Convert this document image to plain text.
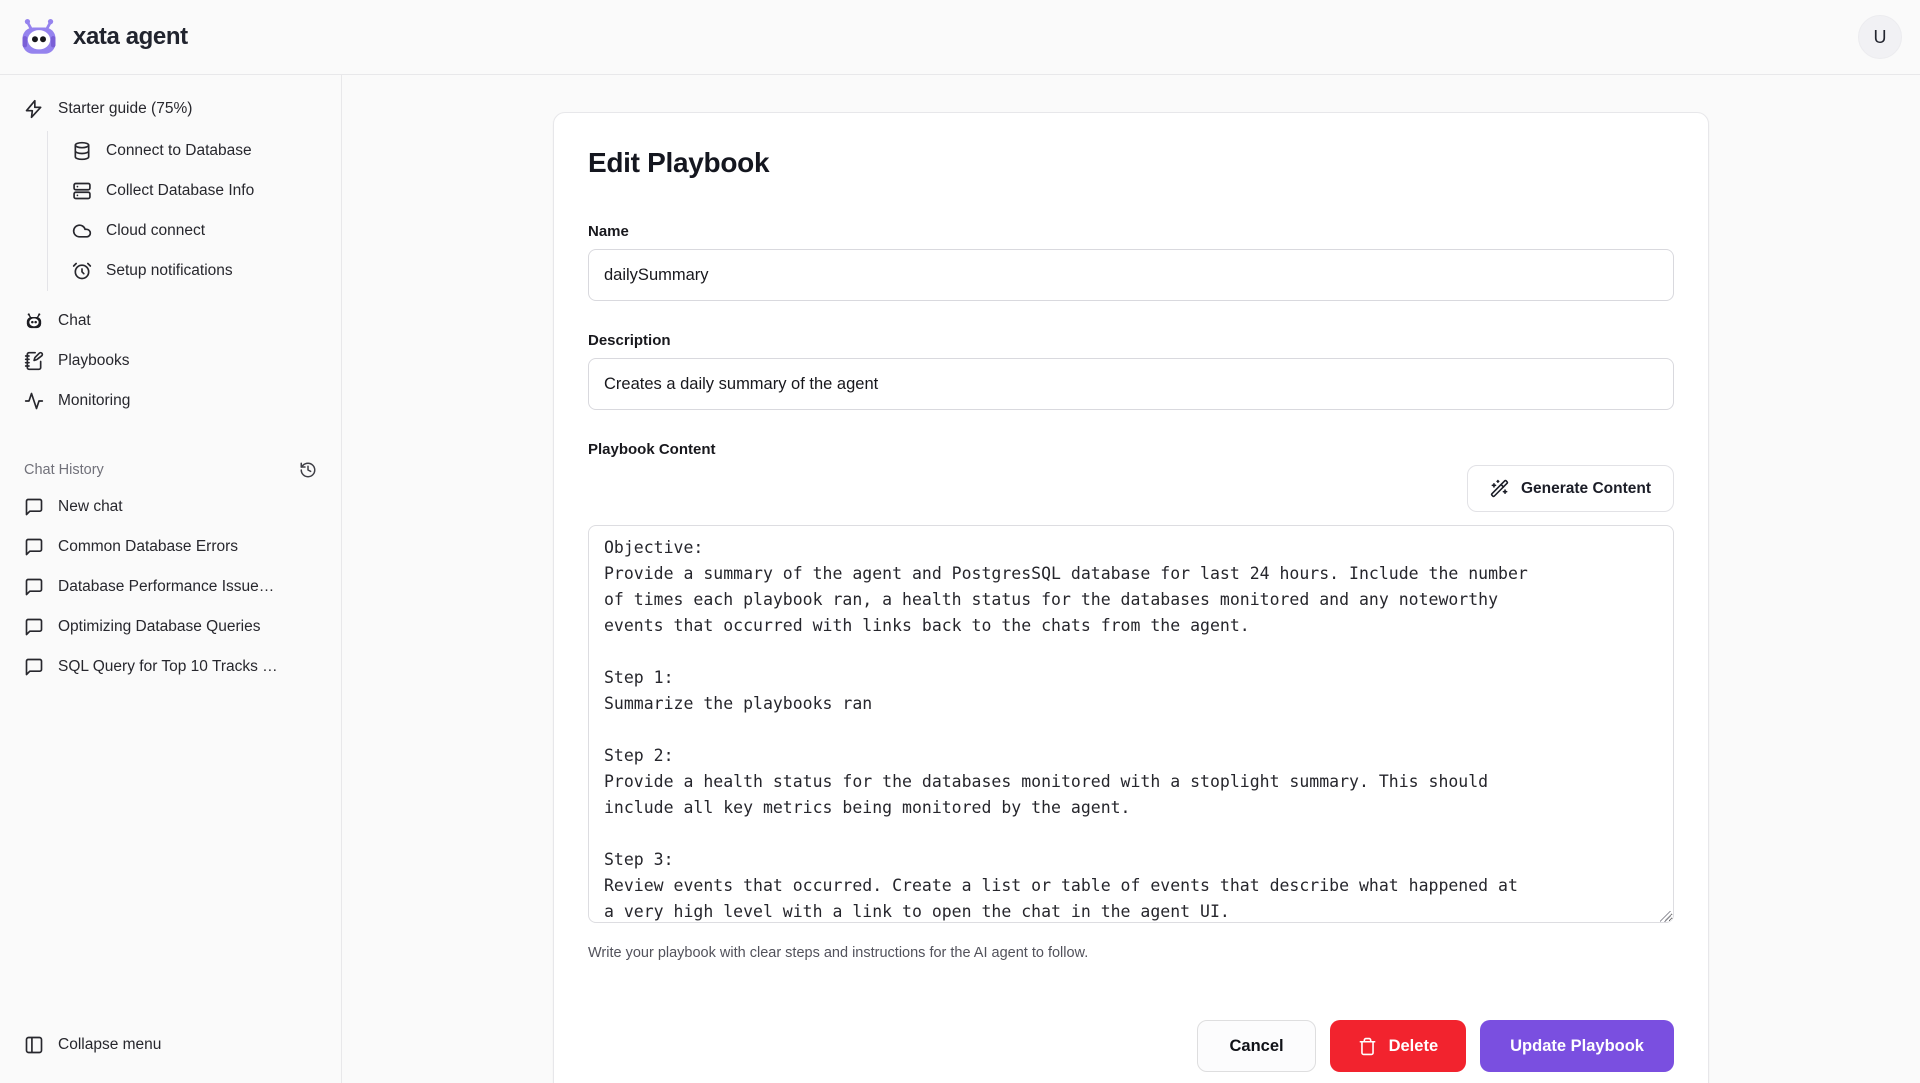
xata agent	U
Starter guide (75%)
Connect to Database
Collect Database Info
Cloud connect
Setup notifications
Chat
Playbooks
Monitoring
Chat History
New chat
Common Database Errors
Database Performance Issue…
Optimizing Database Queries
SQL Query for Top 10 Tracks …
Collapse menu
Edit Playbook
Name
dailySummary
Description
Creates a daily summary of the agent
Playbook Content
Generate Content
Objective: Provide a summary of the agent and PostgresSQL database for last 24 hours. Include the number of times each playbook ran, a health status for the databases monitored and any noteworthy events that occurred with links back to the chats from the agent. Step 1: Summarize the playbooks ran Step 2: Provide a health status for the databases monitored with a stoplight summary. This should include all key metrics being monitored by the agent. Step 3: Review events that occurred. Create a list or table of events that describe what happened at a very high level with a link to open the chat in the agent UI.
Write your playbook with clear steps and instructions for the AI agent to follow.
Cancel	Delete	Update Playbook
